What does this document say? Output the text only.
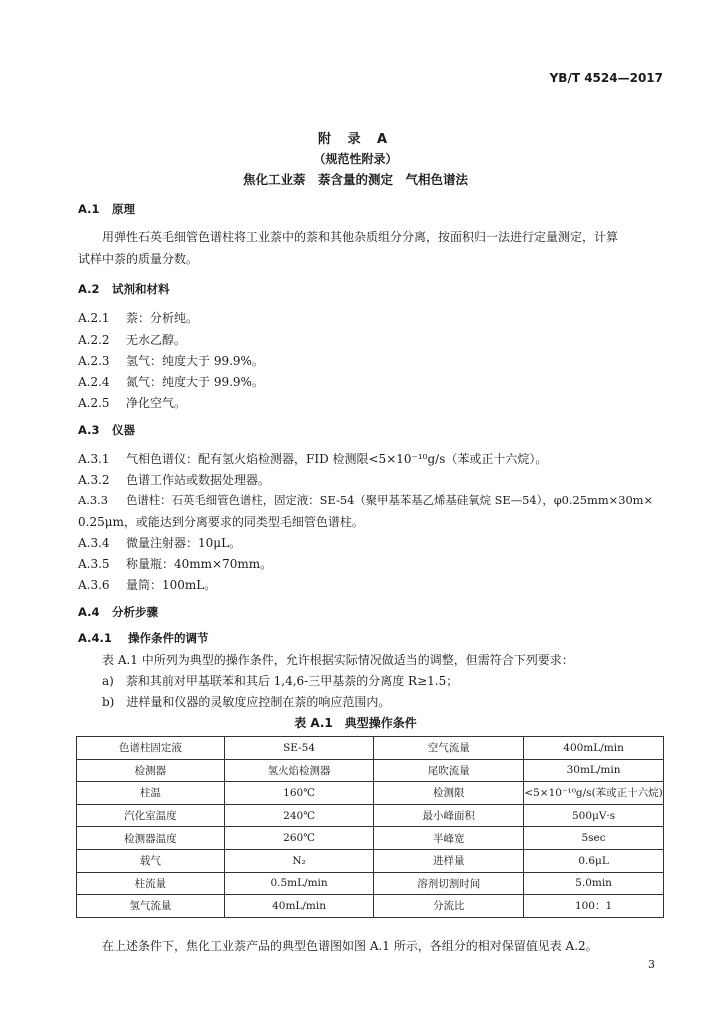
YB/T 4524—2017
附 录 A
（规范性附录）
焦化工业萘　萘含量的测定　气相色谱法
A.1 原理
用弹性石英毛细管色谱柱将工业萘中的萘和其他杂质组分分离，按面积归一法进行定量测定，计算
试样中萘的质量分数。
A.2 试剂和材料
A.2.1 萘：分析纯。
A.2.2 无水乙醇。
A.2.3 氢气：纯度大于 99.9%。
A.2.4 氮气：纯度大于 99.9%。
A.2.5 净化空气。
A.3 仪器
A.3.1 气相色谱仪：配有氢火焰检测器，FID 检测限<5×10⁻¹⁰g/s（苯或正十六烷）。
A.3.2 色谱工作站或数据处理器。
A.3.3 色谱柱：石英毛细管色谱柱，固定液：SE-54（聚甲基苯基乙烯基硅氧烷 SE—54），φ0.25mm×30m×
0.25μm，或能达到分离要求的同类型毛细管色谱柱。
A.3.4 微量注射器：10μL。
A.3.5 称量瓶：40mm×70mm。
A.3.6 量筒：100mL。
A.4 分析步骤
A.4.1 操作条件的调节
表 A.1 中所列为典型的操作条件，允许根据实际情况做适当的调整，但需符合下列要求：
a)　萘和其前对甲基联苯和其后 1,4,6-三甲基萘的分离度 R≥1.5；
b)　进样量和仪器的灵敏度应控制在萘的响应范围内。
表 A.1　典型操作条件
色谱柱固定液	SE-54	空气流量	400mL/min
检测器	氢火焰检测器	尾吹流量	30mL/min
柱温	160℃	检测限	<5×10⁻¹⁰g/s(苯或正十六烷)
汽化室温度	240℃	最小峰面积	500μV·s
检测器温度	260℃	半峰宽	5sec
载气	N₂	进样量	0.6μL
柱流量	0.5mL/min	溶剂切割时间	5.0min
氢气流量	40mL/min	分流比	100：1
在上述条件下，焦化工业萘产品的典型色谱图如图 A.1 所示，各组分的相对保留值见表 A.2。
3
